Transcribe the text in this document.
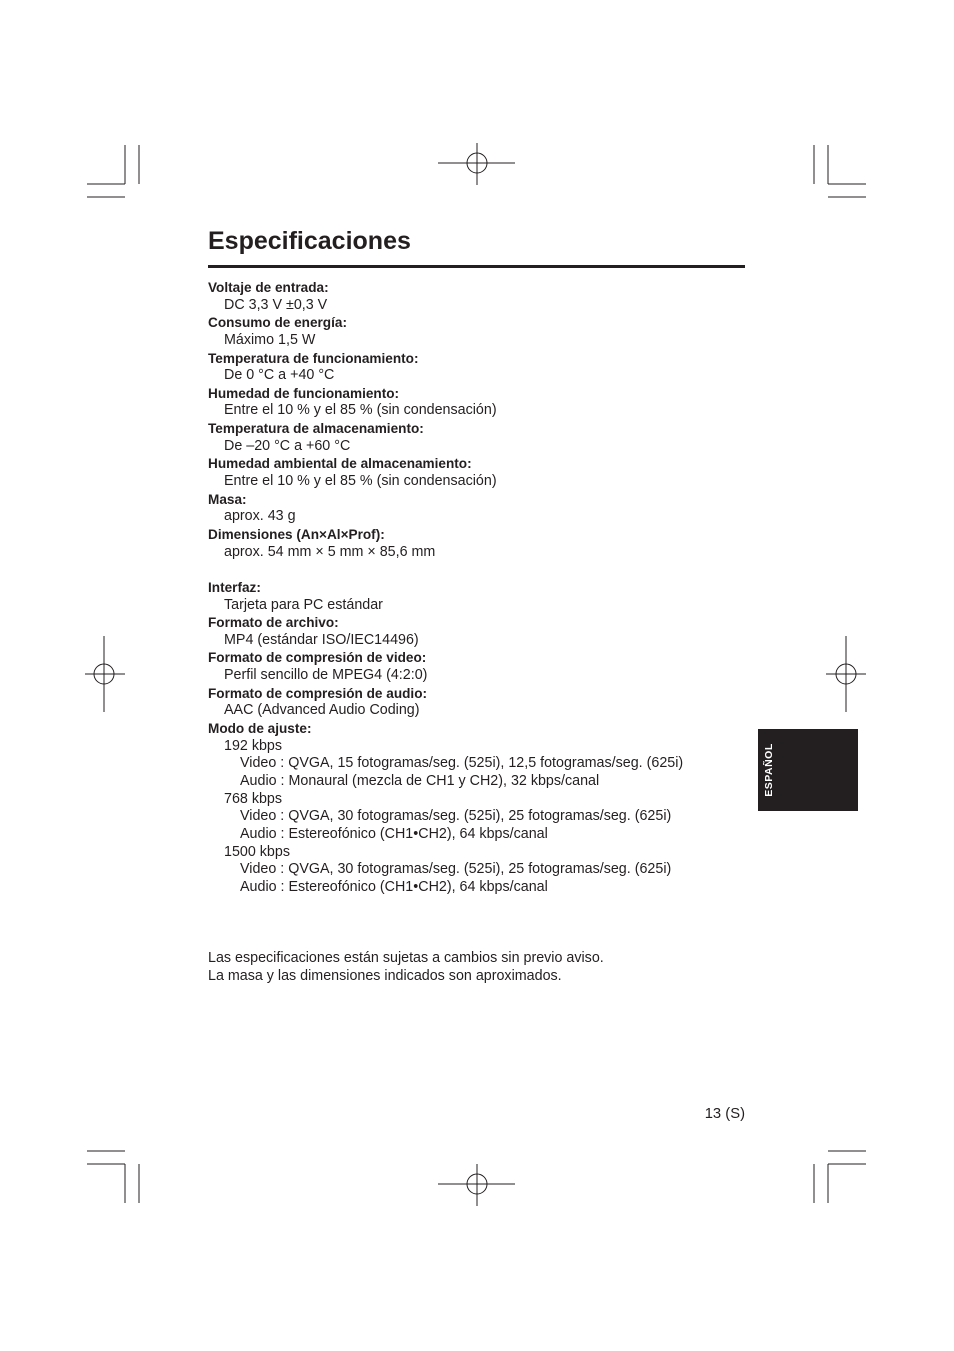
Especificaciones
Voltaje de entrada:
DC 3,3 V ±0,3 V
Consumo de energía:
Máximo 1,5 W
Temperatura de funcionamiento:
De 0 °C a +40 °C
Humedad de funcionamiento:
Entre el 10 % y el 85 % (sin condensación)
Temperatura de almacenamiento:
De –20 °C a +60 °C
Humedad ambiental de almacenamiento:
Entre el 10 % y el 85 % (sin condensación)
Masa:
aprox. 43 g
Dimensiones (An×Al×Prof):
aprox. 54 mm × 5 mm × 85,6 mm
Interfaz:
Tarjeta para PC estándar
Formato de archivo:
MP4 (estándar ISO/IEC14496)
Formato de compresión de video:
Perfil sencillo de MPEG4 (4:2:0)
Formato de compresión de audio:
AAC (Advanced Audio Coding)
Modo de ajuste:
192 kbps
Video : QVGA, 15 fotogramas/seg. (525i), 12,5 fotogramas/seg. (625i)
Audio : Monaural (mezcla de CH1 y CH2), 32 kbps/canal
768 kbps
Video : QVGA, 30 fotogramas/seg. (525i), 25 fotogramas/seg. (625i)
Audio : Estereofónico (CH1•CH2), 64 kbps/canal
1500 kbps
Video : QVGA, 30 fotogramas/seg. (525i), 25 fotogramas/seg. (625i)
Audio : Estereofónico (CH1•CH2), 64 kbps/canal
Las especificaciones están sujetas a cambios sin previo aviso.
La masa y las dimensiones indicados son aproximados.
ESPAÑOL
13 (S)
